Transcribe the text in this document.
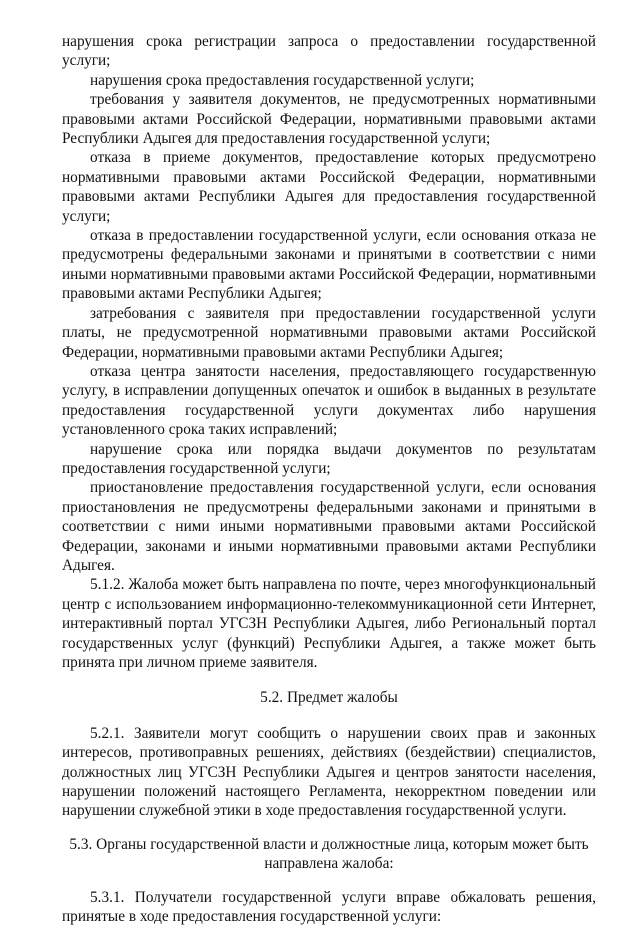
нарушения срока регистрации запроса о предоставлении государственной услуги;

нарушения срока предоставления государственной услуги;

требования у заявителя документов, не предусмотренных нормативными правовыми актами Российской Федерации, нормативными правовыми актами Республики Адыгея для предоставления государственной услуги;

отказа в приеме документов, предоставление которых предусмотрено нормативными правовыми актами Российской Федерации, нормативными правовыми актами Республики Адыгея для предоставления государственной услуги;

отказа в предоставлении государственной услуги, если основания отказа не предусмотрены федеральными законами и принятыми в соответствии с ними иными нормативными правовыми актами Российской Федерации, нормативными правовыми актами Республики Адыгея;

затребования с заявителя при предоставлении государственной услуги платы, не предусмотренной нормативными правовыми актами Российской Федерации, нормативными правовыми актами Республики Адыгея;

отказа центра занятости населения, предоставляющего государственную услугу, в исправлении допущенных опечаток и ошибок в выданных в результате предоставления государственной услуги документах либо нарушения установленного срока таких исправлений;

нарушение срока или порядка выдачи документов по результатам предоставления государственной услуги;

приостановление предоставления государственной услуги, если основания приостановления не предусмотрены федеральными законами и принятыми в соответствии с ними иными нормативными правовыми актами Российской Федерации, законами и иными нормативными правовыми актами Республики Адыгея.

5.1.2. Жалоба может быть направлена по почте, через многофункциональный центр с использованием информационно-телекоммуникационной сети Интернет, интерактивный портал УГСЗН Республики Адыгея, либо Региональный портал государственных услуг (функций) Республики Адыгея, а также может быть принята при личном приеме заявителя.

5.2. Предмет жалобы

5.2.1. Заявители могут сообщить о нарушении своих прав и законных интересов, противоправных решениях, действиях (бездействии) специалистов, должностных лиц УГСЗН Республики Адыгея и центров занятости населения, нарушении положений настоящего Регламента, некорректном поведении или нарушении служебной этики в ходе предоставления государственной услуги.

5.3. Органы государственной власти и должностные лица, которым может быть направлена жалоба:

5.3.1. Получатели государственной услуги вправе обжаловать решения, принятые в ходе предоставления государственной услуги:
